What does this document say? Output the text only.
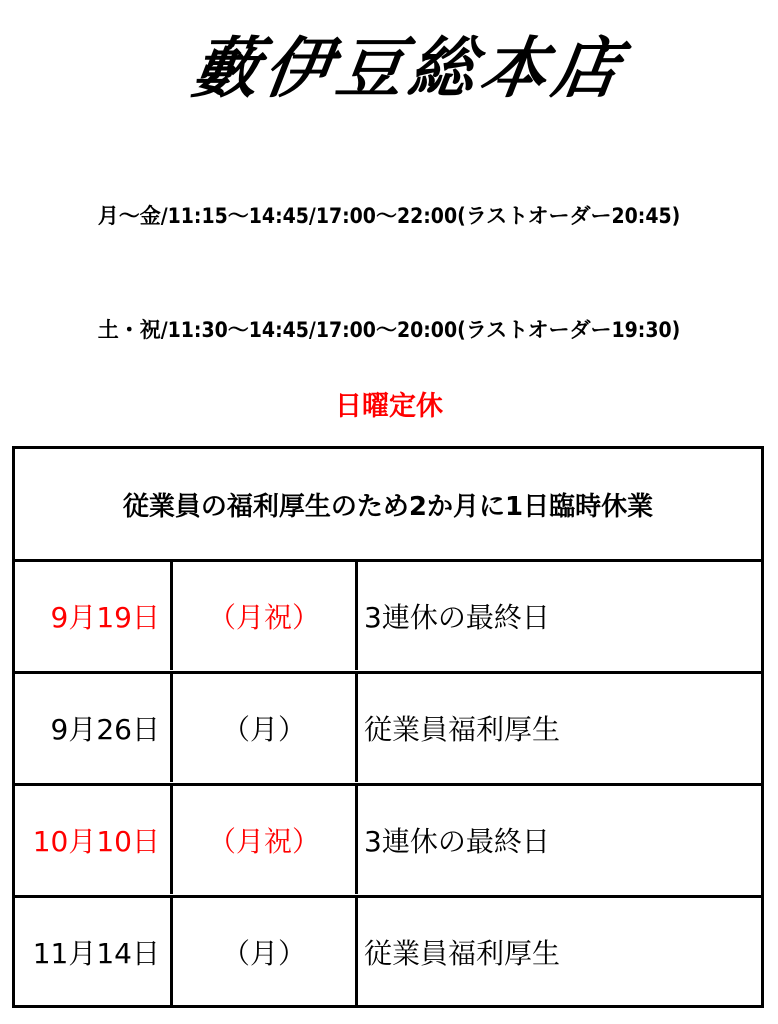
藪伊豆総本店
月～金/11:15～14:45/17:00～22:00(ラストオーダー20:45)
土・祝/11:30～14:45/17:00～20:00(ラストオーダー19:30)
日曜定休
従業員の福利厚生のため2か月に1日臨時休業
9月19日	（月祝）	3連休の最終日
9月26日	（月）	従業員福利厚生
10月10日	（月祝）	3連休の最終日
11月14日	（月）	従業員福利厚生
